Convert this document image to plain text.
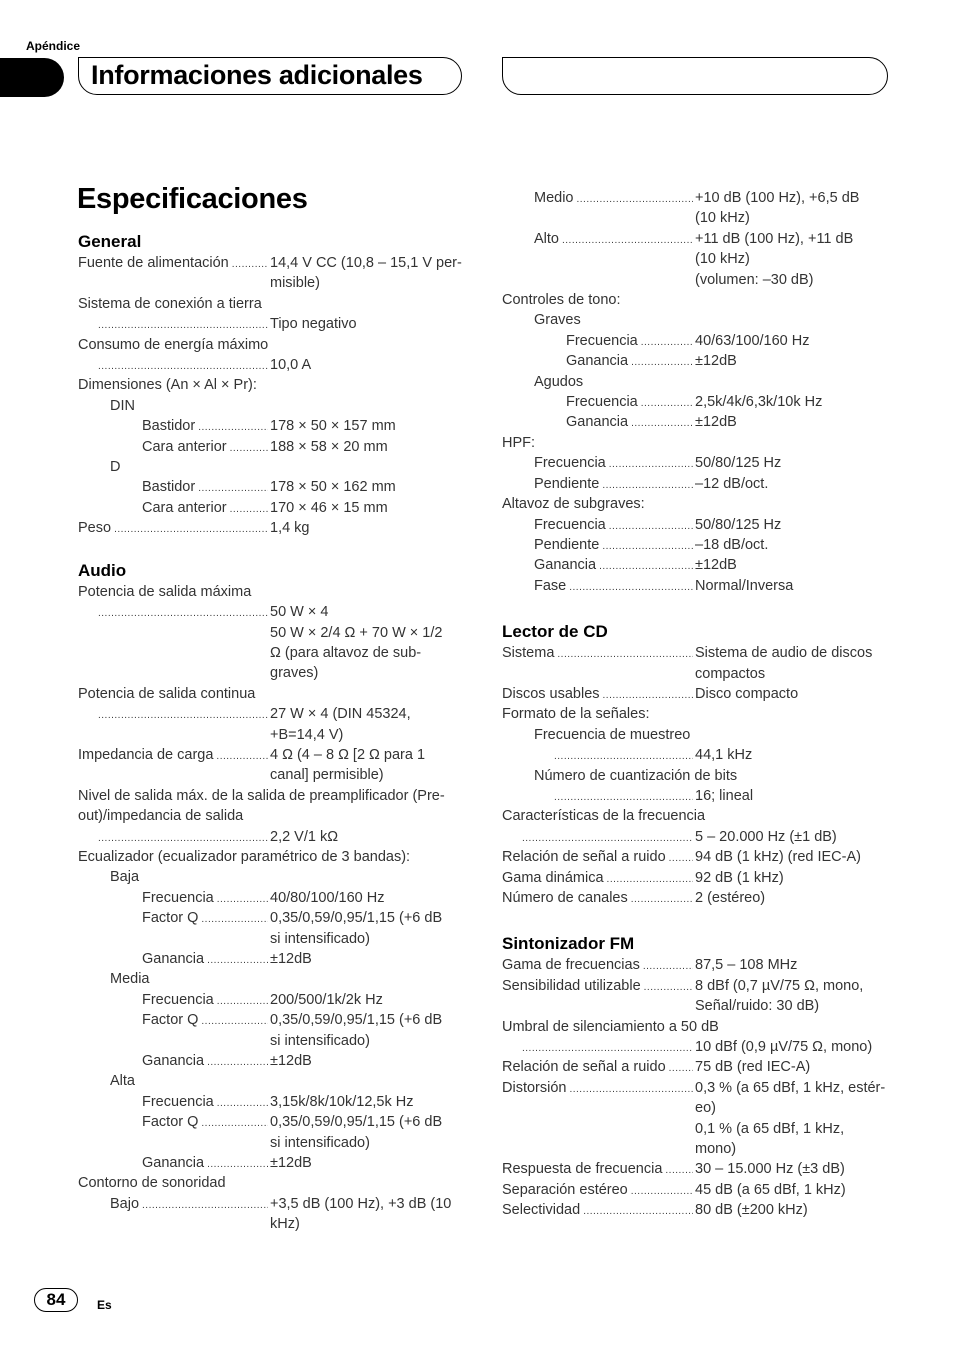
Apéndice
Informaciones adicionales
Especificaciones
General
Fuente de alimentación .....	14,4 V CC (10,8 – 15,1 V per-
misible)
Sistema de conexión a tierra
.....
Tipo negativo
Consumo de energía máximo
.....
10,0 A
Dimensiones (An × Al × Pr):
DIN
Bastidor .....	178 × 50 × 157 mm
Cara anterior .....	188 × 58 × 20 mm
D
Bastidor .....	178 × 50 × 162 mm
Cara anterior .....	170 × 46 × 15 mm
Peso .....	1,4 kg
Audio
Potencia de salida máxima
.....
50 W × 4
50 W × 2/4 Ω + 70 W × 1/2
Ω (para altavoz de sub-
graves)
Potencia de salida continua
.....
27 W × 4 (DIN 45324,
+B=14,4 V)
Impedancia de carga .....	4 Ω (4 – 8 Ω [2 Ω para 1
canal] permisible)
Nivel de salida máx. de la salida de preamplificador (Pre-
out)/impedancia de salida
.....
2,2 V/1 kΩ
Ecualizador (ecualizador paramétrico de 3 bandas):
Baja
Frecuencia .....	40/80/100/160 Hz
Factor Q .....	0,35/0,59/0,95/1,15 (+6 dB
si intensificado)
Ganancia .....	±12dB
Media
Frecuencia .....	200/500/1k/2k Hz
Factor Q .....	0,35/0,59/0,95/1,15 (+6 dB
si intensificado)
Ganancia .....	±12dB
Alta
Frecuencia .....	3,15k/8k/10k/12,5k Hz
Factor Q .....	0,35/0,59/0,95/1,15 (+6 dB
si intensificado)
Ganancia .....	±12dB
Contorno de sonoridad
Bajo .....	+3,5 dB (100 Hz), +3 dB (10
kHz)
Medio .....	+10 dB (100 Hz), +6,5 dB
(10 kHz)
Alto .....	+11 dB (100 Hz), +11 dB
(10 kHz)
(volumen: –30 dB)
Controles de tono:
Graves
Frecuencia .....	40/63/100/160 Hz
Ganancia .....	±12dB
Agudos
Frecuencia .....	2,5k/4k/6,3k/10k Hz
Ganancia .....	±12dB
HPF:
Frecuencia .....	50/80/125 Hz
Pendiente .....	–12 dB/oct.
Altavoz de subgraves:
Frecuencia .....	50/80/125 Hz
Pendiente .....	–18 dB/oct.
Ganancia .....	±12dB
Fase .....	Normal/Inversa
Lector de CD
Sistema .....	Sistema de audio de discos
compactos
Discos usables .....	Disco compacto
Formato de la señales:
Frecuencia de muestreo
.....
44,1 kHz
Número de cuantización de bits
.....
16; lineal
Características de la frecuencia
.....
5 – 20.000 Hz (±1 dB)
Relación de señal a ruido ..... 94 dB (1 kHz) (red IEC-A)
Gama dinámica .....	92 dB (1 kHz)
Número de canales .....	2 (estéreo)
Sintonizador FM
Gama de frecuencias .....	87,5 – 108 MHz
Sensibilidad utilizable .....	8 dBf (0,7 µV/75 Ω, mono,
Señal/ruido: 30 dB)
Umbral de silenciamiento a 50 dB
.....
10 dBf (0,9 µV/75 Ω, mono)
Relación de señal a ruido ..... 75 dB (red IEC-A)
Distorsión .....	0,3 % (a 65 dBf, 1 kHz, estér-
eo)
0,1 % (a 65 dBf, 1 kHz,
mono)
Respuesta de frecuencia ..... 30 – 15.000 Hz (±3 dB)
Separación estéreo .....	45 dB (a 65 dBf, 1 kHz)
Selectividad .....	80 dB (±200 kHz)
84	Es
